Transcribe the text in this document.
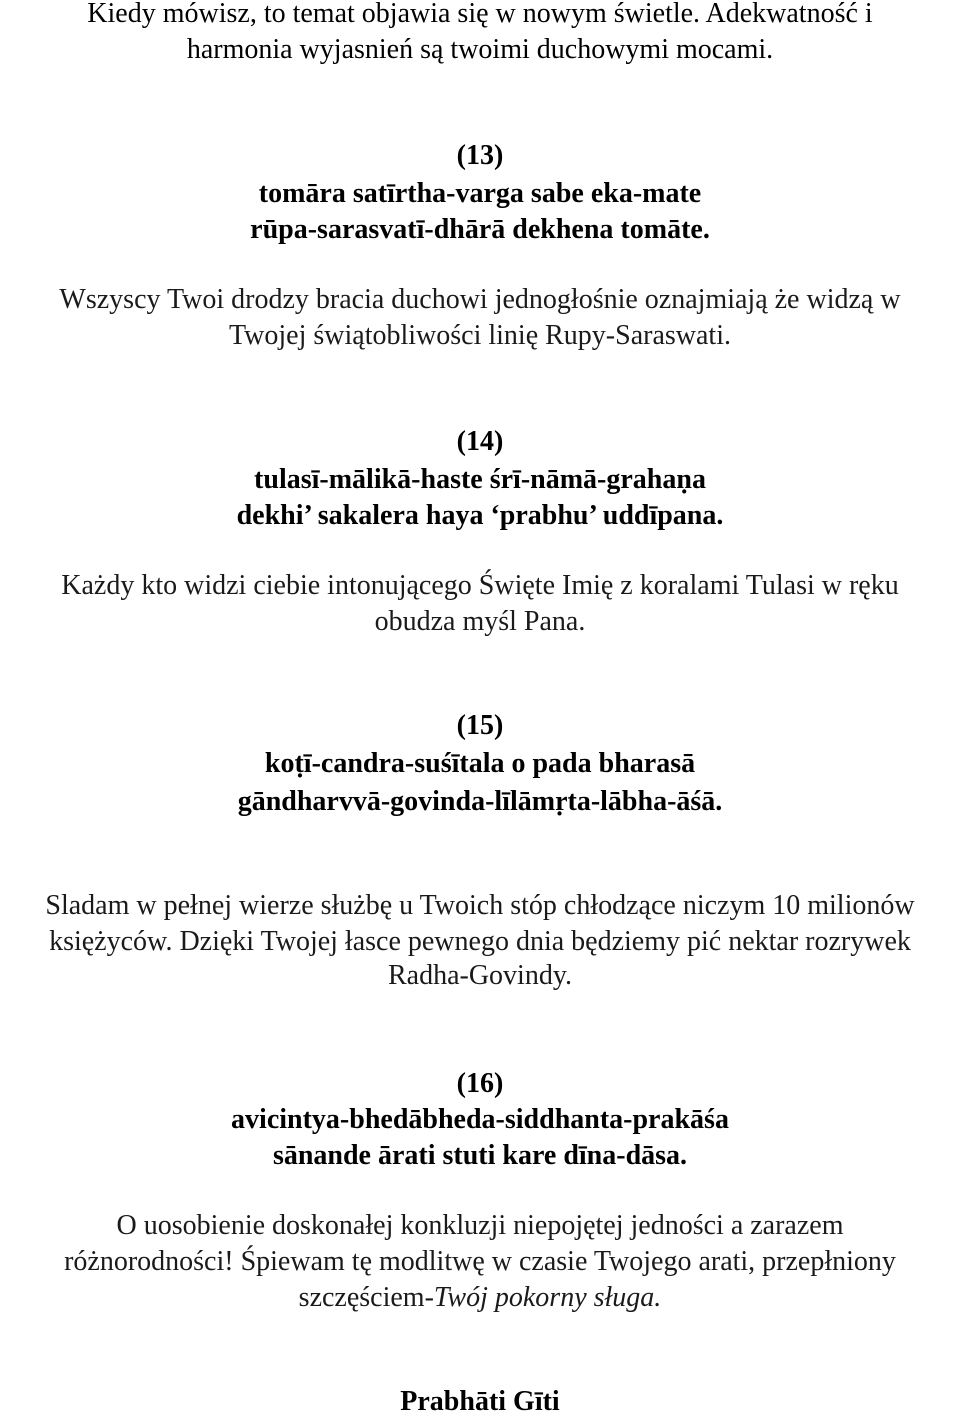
Kiedy mówisz, to temat objawia się w nowym świetle. Adekwatność i

harmonia wyjasnień są twoimi duchowymi mocami.

(13)

tomāra satīrtha-varga sabe eka-mate

rūpa-sarasvatī-dhārā dekhena tomāte.

Wszyscy Twoi drodzy bracia duchowi jednogłośnie oznajmiają że widzą w

Twojej świątobliwości linię Rupy-Saraswati.

(14)

tulasī-mālikā-haste śrī-nāmā-grahaṇa

dekhi’ sakalera haya ‘prabhu’ uddīpana.

Każdy kto widzi ciebie intonującego Święte Imię z koralami Tulasi w ręku

obudza myśl Pana.

(15)

koṭī-candra-suśītala o pada bharasā

gāndharvvā-govinda-līlāmṛta-lābha-āśā.

Sladam w pełnej wierze służbę u Twoich stóp chłodzące niczym 10 milionów

księżyców. Dzięki Twojej łasce pewnego dnia będziemy pić nektar rozrywek

Radha-Govindy.

(16)

avicintya-bhedābheda-siddhanta-prakāśa

sānande ārati stuti kare dīna-dāsa.

O uosobienie doskonałej konkluzji niepojętej jedności a zarazem

różnorodności! Śpiewam tę modlitwę w czasie Twojego arati, przepłniony

szczęściem-Twój pokorny sługa.

Prabhāti Gīti
